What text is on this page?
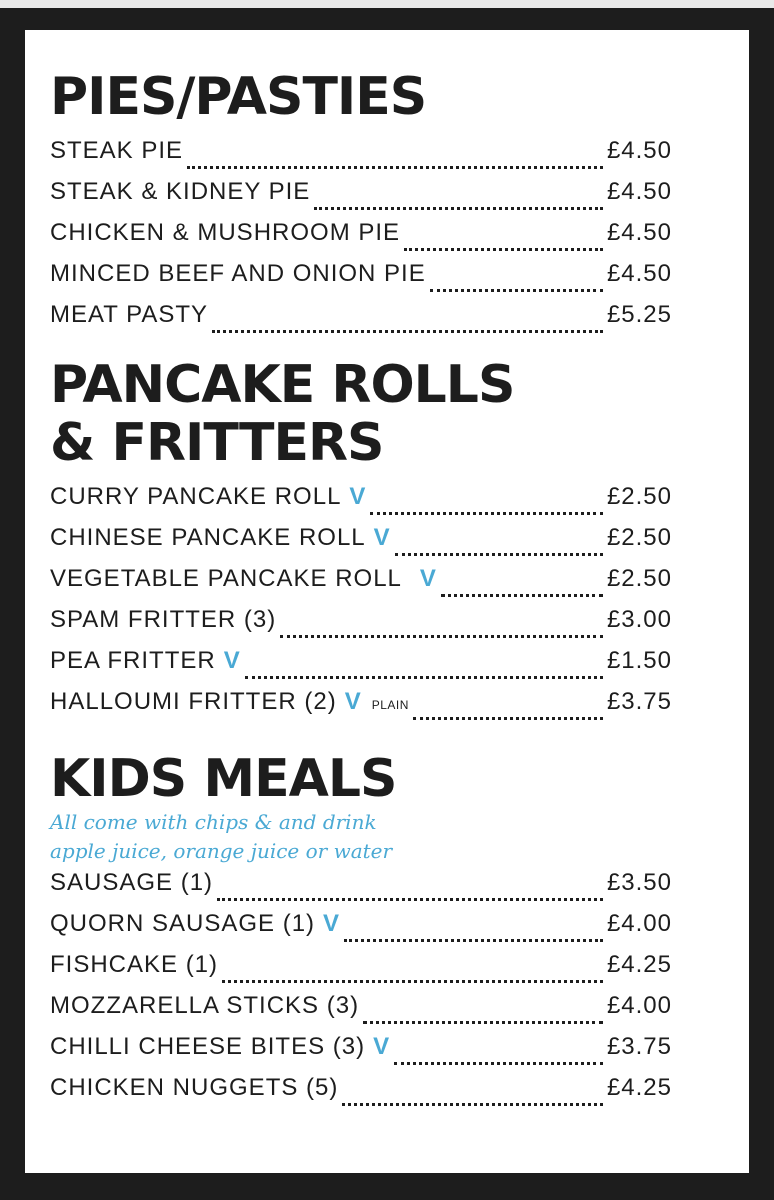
PIES/PASTIES
STEAK PIE	£4.50
STEAK & KIDNEY PIE	£4.50
CHICKEN & MUSHROOM PIE	£4.50
MINCED BEEF AND ONION PIE	£4.50
MEAT PASTY	£5.25
PANCAKE ROLLS
& FRITTERS
CURRY PANCAKE ROLL V	£2.50
CHINESE PANCAKE ROLL V	£2.50
VEGETABLE PANCAKE ROLL V	£2.50
SPAM FRITTER (3)	£3.00
PEA FRITTER V	£1.50
HALLOUMI FRITTER (2) V PLAIN	£3.75
KIDS MEALS
All come with chips & and drink
apple juice, orange juice or water
SAUSAGE (1)	£3.50
QUORN SAUSAGE (1) V	£4.00
FISHCAKE (1)	£4.25
MOZZARELLA STICKS (3)	£4.00
CHILLI CHEESE BITES (3) V	£3.75
CHICKEN NUGGETS (5)	£4.25
